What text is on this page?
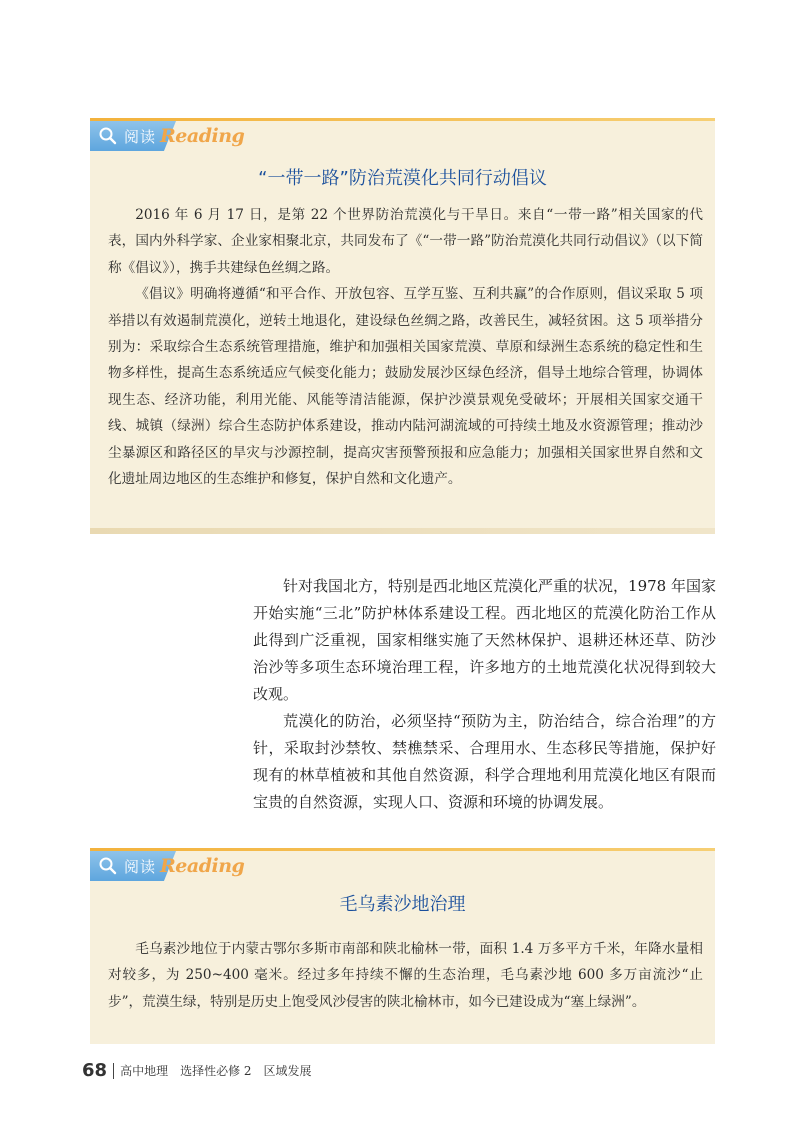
阅读 Reading
“一带一路”防治荒漠化共同行动倡议

2016 年 6 月 17 日，是第 22 个世界防治荒漠化与干旱日。来自“一带一路”相关国家的代表，国内外科学家、企业家相聚北京，共同发布了《“一带一路”防治荒漠化共同行动倡议》（以下简称《倡议》），携手共建绿色丝绸之路。

《倡议》明确将遵循“和平合作、开放包容、互学互鉴、互利共赢”的合作原则，倡议采取 5 项举措以有效遏制荒漠化，逆转土地退化，建设绿色丝绸之路，改善民生，减轻贫困。这 5 项举措分别为：采取综合生态系统管理措施，维护和加强相关国家荒漠、草原和绿洲生态系统的稳定性和生物多样性，提高生态系统适应气候变化能力；鼓励发展沙区绿色经济，倡导土地综合管理，协调体现生态、经济功能，利用光能、风能等清洁能源，保护沙漠景观免受破坏；开展相关国家交通干线、城镇（绿洲）综合生态防护体系建设，推动内陆河湖流域的可持续土地及水资源管理；推动沙尘暴源区和路径区的旱灾与沙源控制，提高灾害预警预报和应急能力；加强相关国家世界自然和文化遗址周边地区的生态维护和修复，保护自然和文化遗产。

针对我国北方，特别是西北地区荒漠化严重的状况，1978 年国家开始实施“三北”防护林体系建设工程。西北地区的荒漠化防治工作从此得到广泛重视，国家相继实施了天然林保护、退耕还林还草、防沙治沙等多项生态环境治理工程，许多地方的土地荒漠化状况得到较大改观。

荒漠化的防治，必须坚持“预防为主，防治结合，综合治理”的方针，采取封沙禁牧、禁樵禁采、合理用水、生态移民等措施，保护好现有的林草植被和其他自然资源，科学合理地利用荒漠化地区有限而宝贵的自然资源，实现人口、资源和环境的协调发展。

阅读 Reading
毛乌素沙地治理

毛乌素沙地位于内蒙古鄂尔多斯市南部和陕北榆林一带，面积 1.4 万多平方千米，年降水量相对较多，为 250~400 毫米。经过多年持续不懈的生态治理，毛乌素沙地 600 多万亩流沙“止步”，荒漠生绿，特别是历史上饱受风沙侵害的陕北榆林市，如今已建设成为“塞上绿洲”。

68 高中地理　选择性必修 2　区域发展
